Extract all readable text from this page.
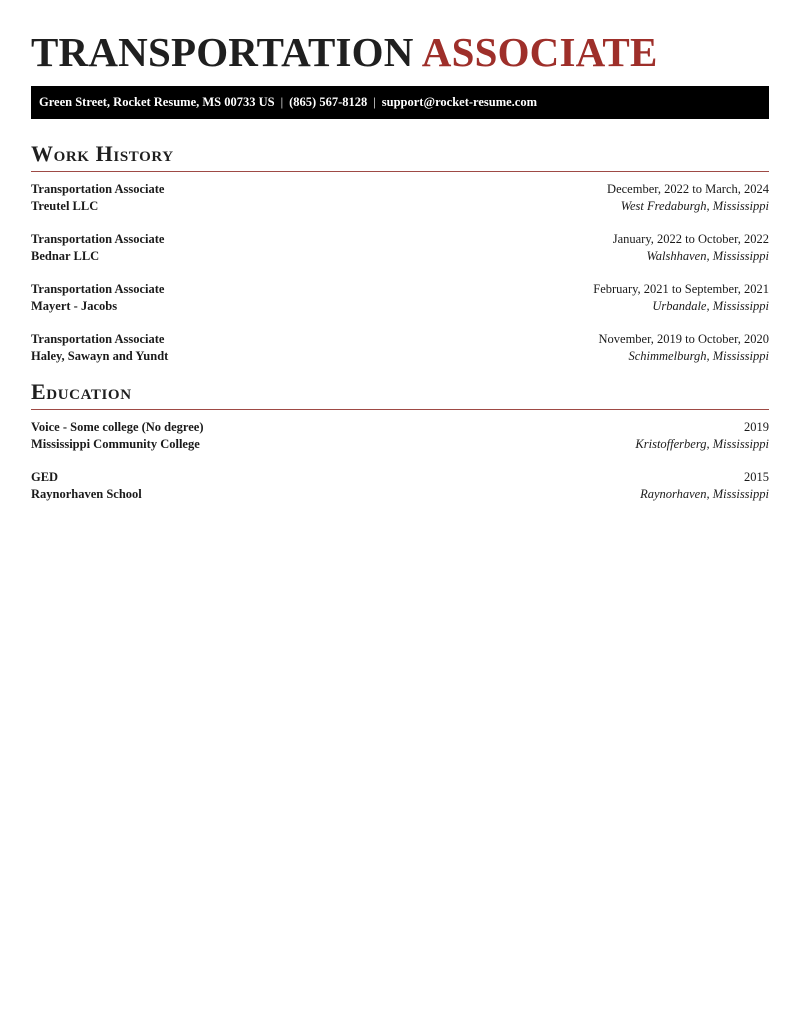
TRANSPORTATION ASSOCIATE
Green Street, Rocket Resume, MS 00733 US | (865) 567-8128 | support@rocket-resume.com
Work History
Transportation Associate	December, 2022 to March, 2024
Treutel LLC	West Fredaburgh, Mississippi
Transportation Associate	January, 2022 to October, 2022
Bednar LLC	Walshhaven, Mississippi
Transportation Associate	February, 2021 to September, 2021
Mayert - Jacobs	Urbandale, Mississippi
Transportation Associate	November, 2019 to October, 2020
Haley, Sawayn and Yundt	Schimmelburgh, Mississippi
Education
Voice - Some college (No degree)	2019
Mississippi Community College	Kristofferberg, Mississippi
GED	2015
Raynorhaven School	Raynorhaven, Mississippi
